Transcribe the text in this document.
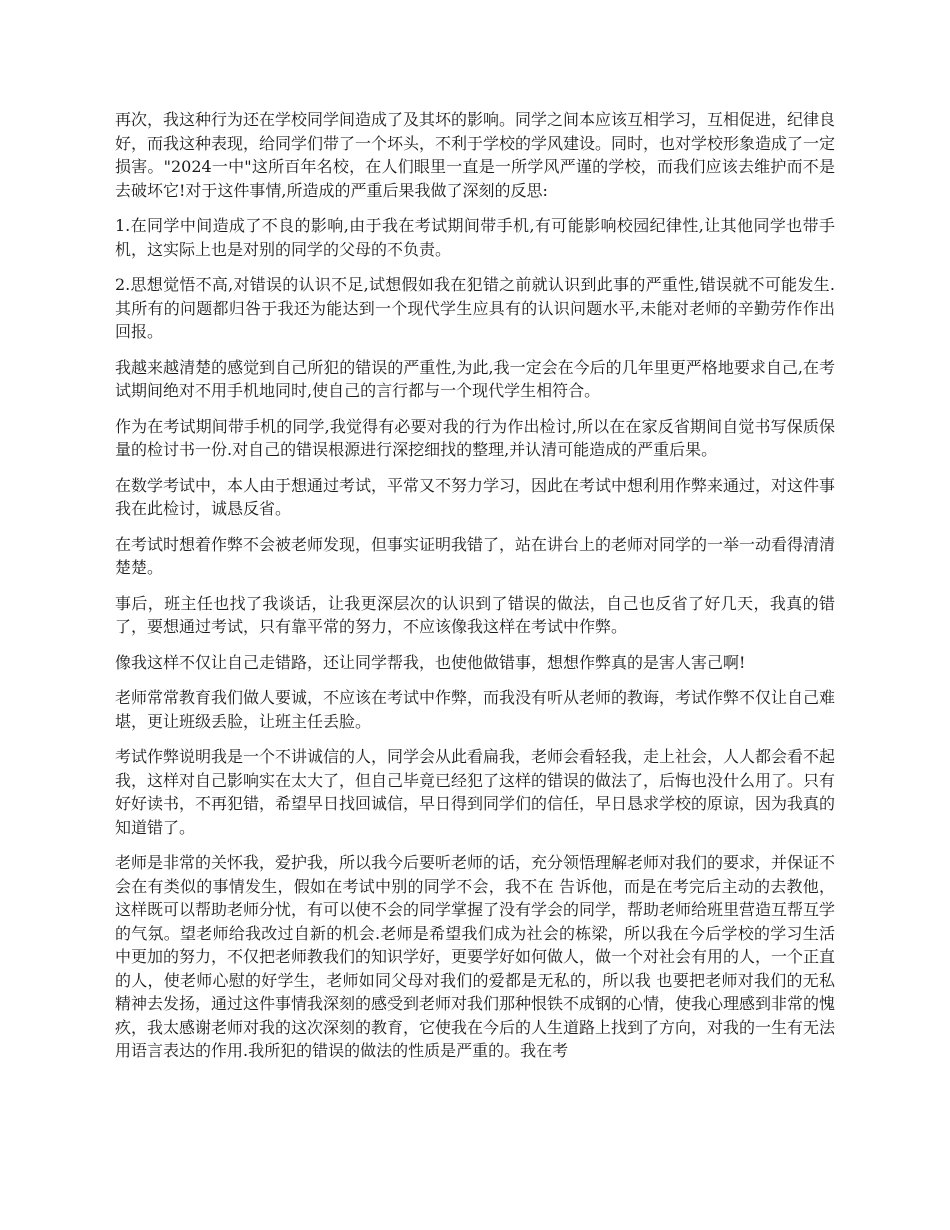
再次，我这种行为还在学校同学间造成了及其坏的影响。同学之间本应该互相学习，互相促进，纪律良好，而我这种表现，给同学们带了一个坏头，不利于学校的学风建设。同时，也对学校形象造成了一定损害。"2024一中"这所百年名校，在人们眼里一直是一所学风严谨的学校，而我们应该去维护而不是去破坏它!对于这件事情,所造成的严重后果我做了深刻的反思:

1.在同学中间造成了不良的影响,由于我在考试期间带手机,有可能影响校园纪律性,让其他同学也带手机，这实际上也是对别的同学的父母的不负责。

2.思想觉悟不高,对错误的认识不足,试想假如我在犯错之前就认识到此事的严重性,错误就不可能发生.其所有的问题都归咎于我还为能达到一个现代学生应具有的认识问题水平,未能对老师的辛勤劳作作出回报。

我越来越清楚的感觉到自己所犯的错误的严重性,为此,我一定会在今后的几年里更严格地要求自己,在考试期间绝对不用手机地同时,使自己的言行都与一个现代学生相符合。

作为在考试期间带手机的同学,我觉得有必要对我的行为作出检讨,所以在在家反省期间自觉书写保质保量的检讨书一份.对自己的错误根源进行深挖细找的整理,并认清可能造成的严重后果。

在数学考试中，本人由于想通过考试，平常又不努力学习，因此在考试中想利用作弊来通过，对这件事我在此检讨，诚恳反省。

在考试时想着作弊不会被老师发现，但事实证明我错了，站在讲台上的老师对同学的一举一动看得清清楚楚。

事后，班主任也找了我谈话，让我更深层次的认识到了错误的做法，自己也反省了好几天，我真的错了，要想通过考试，只有靠平常的努力，不应该像我这样在考试中作弊。

像我这样不仅让自己走错路，还让同学帮我，也使他做错事，想想作弊真的是害人害己啊!

老师常常教育我们做人要诚，不应该在考试中作弊，而我没有听从老师的教诲，考试作弊不仅让自己难堪，更让班级丢脸，让班主任丢脸。

考试作弊说明我是一个不讲诚信的人，同学会从此看扁我，老师会看轻我，走上社会，人人都会看不起我，这样对自己影响实在太大了，但自己毕竟已经犯了这样的错误的做法了，后悔也没什么用了。只有好好读书，不再犯错，希望早日找回诚信，早日得到同学们的信任，早日恳求学校的原谅，因为我真的知道错了。

老师是非常的关怀我，爱护我，所以我今后要听老师的话，充分领悟理解老师对我们的要求，并保证不会在有类似的事情发生，假如在考试中别的同学不会，我不在 告诉他，而是在考完后主动的去教他，这样既可以帮助老师分忧，有可以使不会的同学掌握了没有学会的同学，帮助老师给班里营造互帮互学的气氛。望老师给我改过自新的机会.老师是希望我们成为社会的栋梁，所以我在今后学校的学习生活中更加的努力，不仅把老师教我们的知识学好，更要学好如何做人，做一个对社会有用的人，一个正直的人，使老师心慰的好学生，老师如同父母对我们的爱都是无私的，所以我 也要把老师对我们的无私精神去发扬，通过这件事情我深刻的感受到老师对我们那种恨铁不成钢的心情，使我心理感到非常的愧疚，我太感谢老师对我的这次深刻的教育，它使我在今后的人生道路上找到了方向，对我的一生有无法用语言表达的作用.我所犯的错误的做法的性质是严重的。我在考
